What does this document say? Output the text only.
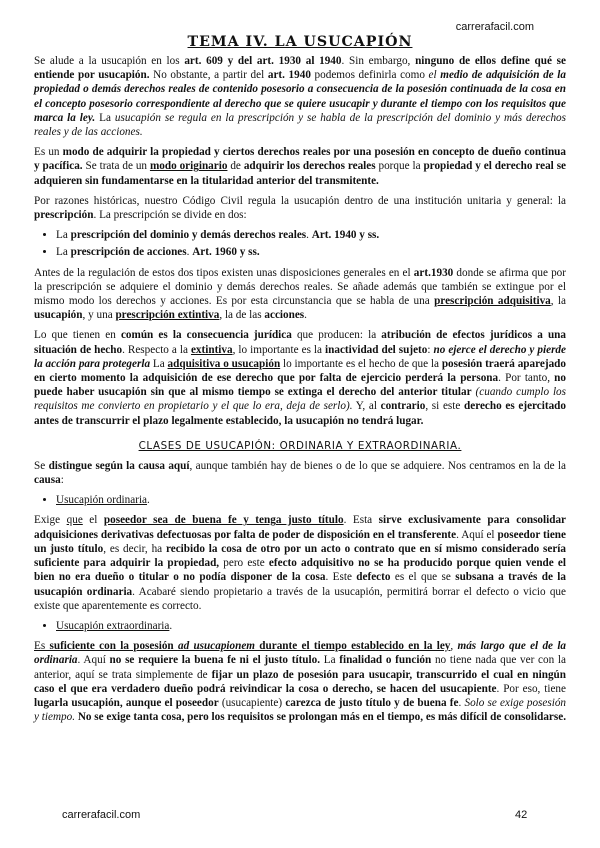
carrerafacil.com
TEMA IV. LA USUCAPIÓN

Se alude a la usucapión en los art. 609 y del art. 1930 al 1940. Sin embargo, ninguno de ellos define qué se entiende por usucapión. No obstante, a partir del art. 1940 podemos definirla como el medio de adquisición de la propiedad o demás derechos reales de contenido posesorio a consecuencia de la posesión continuada de la cosa en el concepto posesorio correspondiente al derecho que se quiere usucapir y durante el tiempo con los requisitos que marca la ley. La usucapión se regula en la prescripción y se habla de la prescripción del dominio y más derechos reales y de las acciones.

Es un modo de adquirir la propiedad y ciertos derechos reales por una posesión en concepto de dueño continua y pacífica. Se trata de un modo originario de adquirir los derechos reales porque la propiedad y el derecho real se adquieren sin fundamentarse en la titularidad anterior del transmitente.

Por razones históricas, nuestro Código Civil regula la usucapión dentro de una institución unitaria y general: la prescripción. La prescripción se divide en dos:

• La prescripción del dominio y demás derechos reales. Art. 1940 y ss.
• La prescripción de acciones. Art. 1960 y ss.

Antes de la regulación de estos dos tipos existen unas disposiciones generales en el art.1930 donde se afirma que por la prescripción se adquiere el dominio y demás derechos reales. Se añade además que también se extingue por el mismo modo los derechos y acciones. Es por esta circunstancia que se habla de una prescripción adquisitiva, la usucapión, y una prescripción extintiva, la de las acciones.

Lo que tienen en común es la consecuencia jurídica que producen: la atribución de efectos jurídicos a una situación de hecho. Respecto a la extintiva, lo importante es la inactividad del sujeto: no ejerce el derecho y pierde la acción para protegerla La adquisitiva o usucapión lo importante es el hecho de que la posesión traerá aparejado en cierto momento la adquisición de ese derecho que por falta de ejercicio perderá la persona. Por tanto, no puede haber usucapión sin que al mismo tiempo se extinga el derecho del anterior titular (cuando cumplo los requisitos me convierto en propietario y el que lo era, deja de serlo). Y, al contrario, si este derecho es ejercitado antes de transcurrir el plazo legalmente establecido, la usucapión no tendrá lugar.

CLASES DE USUCAPIÓN: ORDINARIA Y EXTRAORDINARIA.

Se distingue según la causa aquí, aunque también hay de bienes o de lo que se adquiere. Nos centramos en la de la causa:

• Usucapión ordinaria.

Exige que el poseedor sea de buena fe y tenga justo título. Esta sirve exclusivamente para consolidar adquisiciones derivativas defectuosas por falta de poder de disposición en el transferente. Aquí el poseedor tiene un justo título, es decir, ha recibido la cosa de otro por un acto o contrato que en sí mismo considerado sería suficiente para adquirir la propiedad, pero este efecto adquisitivo no se ha producido porque quien vende el bien no era dueño o titular o no podía disponer de la cosa. Este defecto es el que se subsana a través de la usucapión ordinaria. Acabaré siendo propietario a través de la usucapión, permitirá borrar el defecto o vicio que existe que aparentemente es correcto.

• Usucapión extraordinaria.

Es suficiente con la posesión ad usucapionem durante el tiempo establecido en la ley, más largo que el de la ordinaria. Aquí no se requiere la buena fe ni el justo título. La finalidad o función no tiene nada que ver con la anterior, aquí se trata simplemente de fijar un plazo de posesión para usucapir, transcurrido el cual en ningún caso el que era verdadero dueño podrá reivindicar la cosa o derecho, se hacen del usucapiente. Por eso, tiene lugarla usucapión, aunque el poseedor (usucapiente) carezca de justo título y de buena fe. Solo se exige posesión y tiempo. No se exige tanta cosa, pero los requisitos se prolongan más en el tiempo, es más difícil de consolidarse.

carrerafacil.com	42
